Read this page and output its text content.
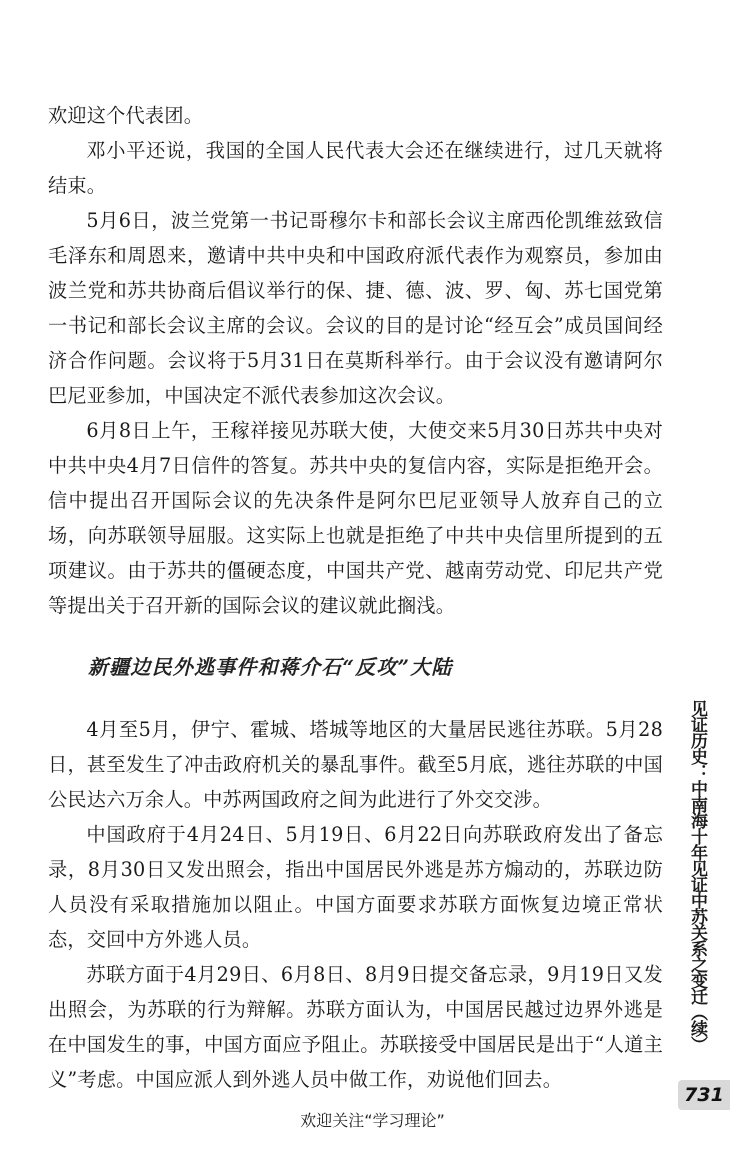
欢迎这个代表团。

邓小平还说，我国的全国人民代表大会还在继续进行，过几天就将结束。

5月6日，波兰党第一书记哥穆尔卡和部长会议主席西伦凯维兹致信毛泽东和周恩来，邀请中共中央和中国政府派代表作为观察员，参加由波兰党和苏共协商后倡议举行的保、捷、德、波、罗、匈、苏七国党第一书记和部长会议主席的会议。会议的目的是讨论“经互会”成员国间经济合作问题。会议将于5月31日在莫斯科举行。由于会议没有邀请阿尔巴尼亚参加，中国决定不派代表参加这次会议。

6月8日上午，王稼祥接见苏联大使，大使交来5月30日苏共中央对中共中央4月7日信件的答复。苏共中央的复信内容，实际是拒绝开会。信中提出召开国际会议的先决条件是阿尔巴尼亚领导人放弃自己的立场，向苏联领导屈服。这实际上也就是拒绝了中共中央信里所提到的五项建议。由于苏共的僵硬态度，中国共产党、越南劳动党、印尼共产党等提出关于召开新的国际会议的建议就此搁浅。

新疆边民外逃事件和蒋介石“反攻”大陆

4月至5月，伊宁、霍城、塔城等地区的大量居民逃往苏联。5月28日，甚至发生了冲击政府机关的暴乱事件。截至5月底，逃往苏联的中国公民达六万余人。中苏两国政府之间为此进行了外交交涉。

中国政府于4月24日、5月19日、6月22日向苏联政府发出了备忘录，8月30日又发出照会，指出中国居民外逃是苏方煽动的，苏联边防人员没有采取措施加以阻止。中国方面要求苏联方面恢复边境正常状态，交回中方外逃人员。

苏联方面于4月29日、6月8日、8月9日提交备忘录，9月19日又发出照会，为苏联的行为辩解。苏联方面认为，中国居民越过边界外逃是在中国发生的事，中国方面应予阻止。苏联接受中国居民是出于“人道主义”考虑。中国应派人到外逃人员中做工作，劝说他们回去。

见证历史：中南海十年见证中苏关系之变迁（续）
731
欢迎关注“学习理论”
